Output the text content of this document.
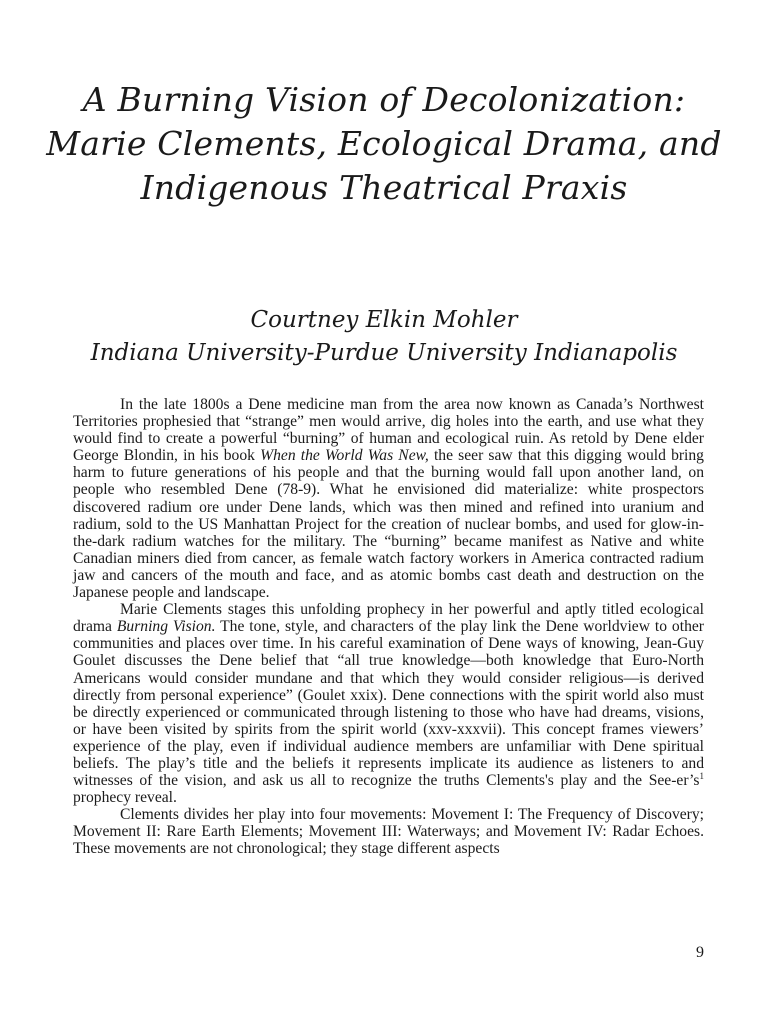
A Burning Vision of Decolonization:
Marie Clements, Ecological Drama, and
Indigenous Theatrical Praxis
Courtney Elkin Mohler
Indiana University-Purdue University Indianapolis

In the late 1800s a Dene medicine man from the area now known as Canada’s Northwest Territories prophesied that “strange” men would arrive, dig holes into the earth, and use what they would find to create a powerful “burning” of human and ecological ruin. As retold by Dene elder George Blondin, in his book When the World Was New, the seer saw that this digging would bring harm to future generations of his people and that the burning would fall upon another land, on people who resembled Dene (78-9). What he envisioned did materialize: white prospectors discovered radium ore under Dene lands, which was then mined and refined into uranium and radium, sold to the US Manhattan Project for the creation of nuclear bombs, and used for glow-in-the-dark radium watches for the military. The “burning” became manifest as Native and white Canadian miners died from cancer, as female watch factory workers in America contracted radium jaw and cancers of the mouth and face, and as atomic bombs cast death and destruction on the Japanese people and landscape.

Marie Clements stages this unfolding prophecy in her powerful and aptly titled ecological drama Burning Vision. The tone, style, and characters of the play link the Dene worldview to other communities and places over time. In his careful examination of Dene ways of knowing, Jean-Guy Goulet discusses the Dene belief that “all true knowledge—both knowledge that Euro-North Americans would consider mundane and that which they would consider religious—is derived directly from personal experience” (Goulet xxix). Dene connections with the spirit world also must be directly experienced or communicated through listening to those who have had dreams, visions, or have been visited by spirits from the spirit world (xxv-xxxvii). This concept frames viewers’ experience of the play, even if individual audience members are unfamiliar with Dene spiritual beliefs. The play’s title and the beliefs it represents implicate its audience as listeners to and witnesses of the vision, and ask us all to recognize the truths Clements's play and the See-$er’s^1$ prophecy reveal.

Clements divides her play into four movements: Movement I: The Frequency of Discovery; Movement II: Rare Earth Elements; Movement III: Waterways; and Movement IV: Radar Echoes. These movements are not chronological; they stage different aspects

9
